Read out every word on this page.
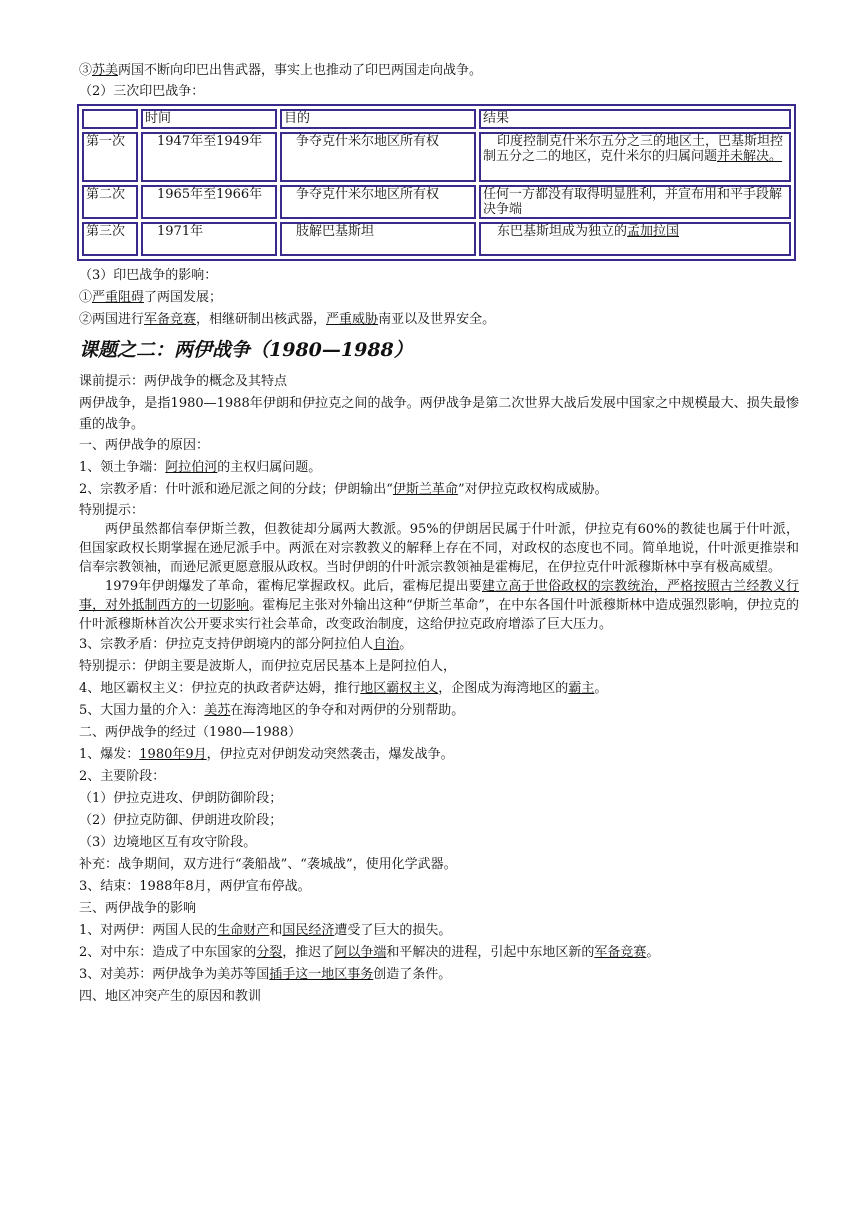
③苏美两国不断向印巴出售武器，事实上也推动了印巴两国走向战争。

（2）三次印巴战争：

	时间	目的	结果
第一次	1947年至1949年	争夺克什米尔地区所有权	印度控制克什米尔五分之三的地区土，巴基斯坦控制五分之二的地区，克什米尔的归属问题并未解决。
第二次	1965年至1966年	争夺克什米尔地区所有权	任何一方都没有取得明显胜利，并宣布用和平手段解决争端
第三次	1971年	肢解巴基斯坦	东巴基斯坦成为独立的孟加拉国

（3）印巴战争的影响：

①严重阻碍了两国发展；

②两国进行军备竞赛，相继研制出核武器，严重威胁南亚以及世界安全。

课题之二：两伊战争（1980—1988）

课前提示：两伊战争的概念及其特点

两伊战争，是指1980—1988年伊朗和伊拉克之间的战争。两伊战争是第二次世界大战后发展中国家之中规模最大、损失最惨重的战争。

一、两伊战争的原因：

1、领土争端：阿拉伯河的主权归属问题。

2、宗教矛盾：什叶派和逊尼派之间的分歧；伊朗输出“伊斯兰革命”对伊拉克政权构成威胁。

特别提示：

两伊虽然都信奉伊斯兰教，但教徒却分属两大教派。95%的伊朗居民属于什叶派，伊拉克有60%的教徒也属于什叶派，但国家政权长期掌握在逊尼派手中。两派在对宗教教义的解释上存在不同，对政权的态度也不同。简单地说，什叶派更推崇和信奉宗教领袖，而逊尼派更愿意服从政权。当时伊朗的什叶派宗教领袖是霍梅尼，在伊拉克什叶派穆斯林中享有极高威望。

1979年伊朗爆发了革命，霍梅尼掌握政权。此后，霍梅尼提出要建立高于世俗政权的宗教统治，严格按照古兰经教义行事，对外抵制西方的一切影响。霍梅尼主张对外输出这种“伊斯兰革命”，在中东各国什叶派穆斯林中造成强烈影响，伊拉克的什叶派穆斯林首次公开要求实行社会革命，改变政治制度，这给伊拉克政府增添了巨大压力。

3、宗教矛盾：伊拉克支持伊朗境内的部分阿拉伯人自治。

特别提示：伊朗主要是波斯人，而伊拉克居民基本上是阿拉伯人，

4、地区霸权主义：伊拉克的执政者萨达姆，推行地区霸权主义，企图成为海湾地区的霸主。

5、大国力量的介入：美苏在海湾地区的争夺和对两伊的分别帮助。

二、两伊战争的经过（1980—1988）

1、爆发：1980年9月，伊拉克对伊朗发动突然袭击，爆发战争。

2、主要阶段：

（1）伊拉克进攻、伊朗防御阶段；

（2）伊拉克防御、伊朗进攻阶段；

（3）边境地区互有攻守阶段。

补充：战争期间，双方进行“袭船战”、“袭城战”，使用化学武器。

3、结束：1988年8月，两伊宣布停战。

三、两伊战争的影响

1、对两伊：两国人民的生命财产和国民经济遭受了巨大的损失。

2、对中东：造成了中东国家的分裂，推迟了阿以争端和平解决的进程，引起中东地区新的军备竞赛。

3、对美苏：两伊战争为美苏等国插手这一地区事务创造了条件。

四、地区冲突产生的原因和教训
